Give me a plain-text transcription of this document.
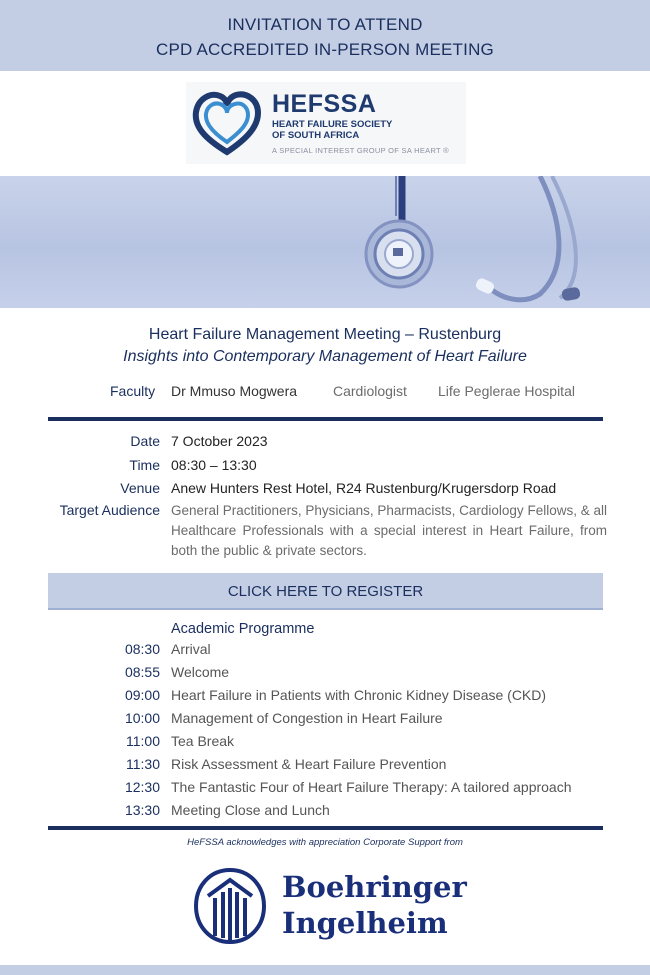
INVITATION TO ATTEND
CPD ACCREDITED IN-PERSON MEETING
HEFSSA
HEART FAILURE SOCIETY
OF SOUTH AFRICA
A SPECIAL INTEREST GROUP OF SA HEART ®
Heart Failure Management Meeting – Rustenburg
Insights into Contemporary Management of Heart Failure
Faculty Dr Mmuso Mogwera	Cardiologist Life Peglerae Hospital
Date 7 October 2023
Time 08:30 – 13:30
Venue Anew Hunters Rest Hotel, R24 Rustenburg/Krugersdorp Road
Target Audience General Practitioners, Physicians, Pharmacists, Cardiology Fellows, & all Healthcare Professionals with a special interest in Heart Failure, from both the public & private sectors.
CLICK HERE TO REGISTER
Academic Programme
08:30 Arrival
08:55 Welcome
09:00 Heart Failure in Patients with Chronic Kidney Disease (CKD)
10:00 Management of Congestion in Heart Failure
11:00 Tea Break
11:30 Risk Assessment & Heart Failure Prevention
12:30 The Fantastic Four of Heart Failure Therapy: A tailored approach
13:30 Meeting Close and Lunch
HeFSSA acknowledges with appreciation Corporate Support from
Boehringer
Ingelheim
